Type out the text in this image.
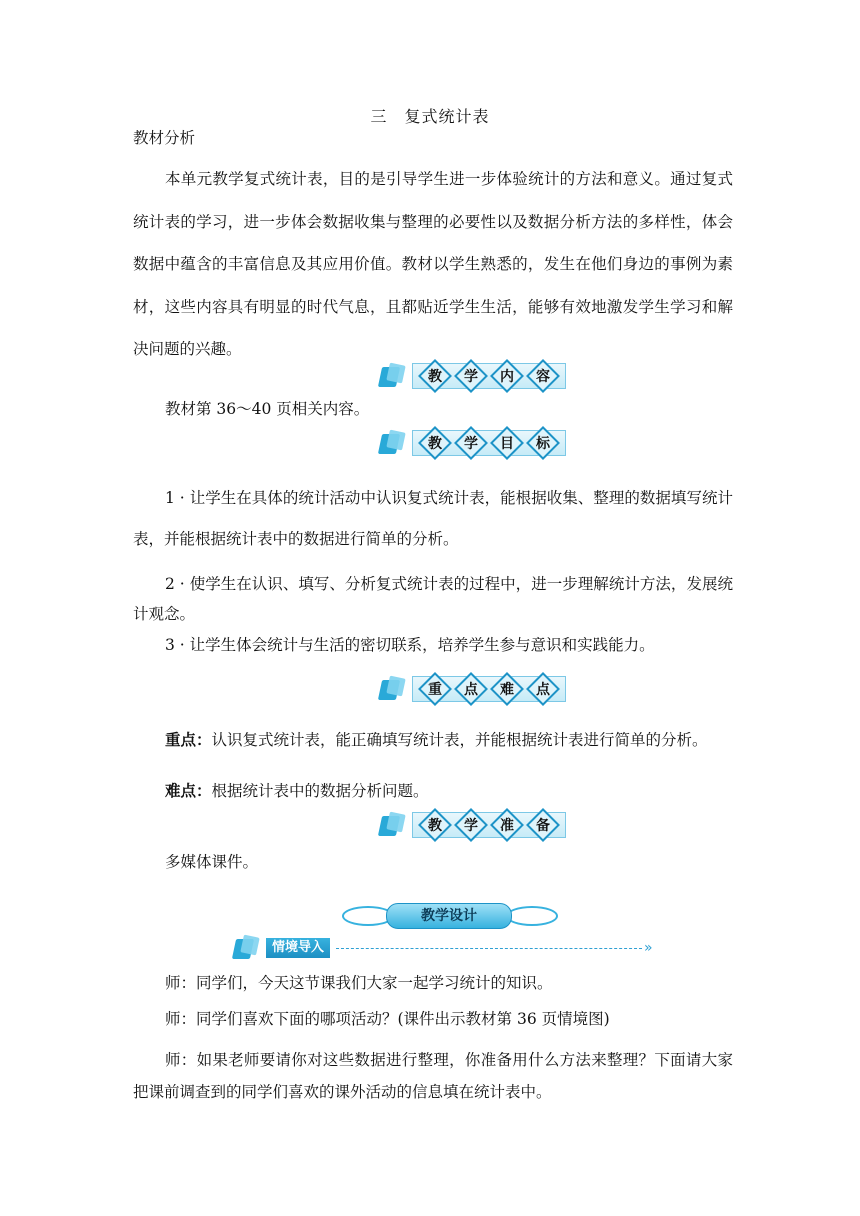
三　复式统计表
教材分析
本单元教学复式统计表，目的是引导学生进一步体验统计的方法和意义。通过复式统计表的学习，进一步体会数据收集与整理的必要性以及数据分析方法的多样性，体会数据中蕴含的丰富信息及其应用价值。教材以学生熟悉的，发生在他们身边的事例为素材，这些内容具有明显的时代气息，且都贴近学生生活，能够有效地激发学生学习和解决问题的兴趣。
教 学 内 容
教材第 36～40 页相关内容。
教 学 目 标
1 · 让学生在具体的统计活动中认识复式统计表，能根据收集、整理的数据填写统计表，并能根据统计表中的数据进行简单的分析。
2 · 使学生在认识、填写、分析复式统计表的过程中，进一步理解统计方法，发展统计观念。
3 · 让学生体会统计与生活的密切联系，培养学生参与意识和实践能力。
重 点 难 点
重点：认识复式统计表，能正确填写统计表，并能根据统计表进行简单的分析。
难点：根据统计表中的数据分析问题。
教 学 准 备
多媒体课件。
教学设计
情境导入	»
师：同学们，今天这节课我们大家一起学习统计的知识。
师：同学们喜欢下面的哪项活动？(课件出示教材第 36 页情境图)
师：如果老师要请你对这些数据进行整理，你准备用什么方法来整理？下面请大家把课前调查到的同学们喜欢的课外活动的信息填在统计表中。
